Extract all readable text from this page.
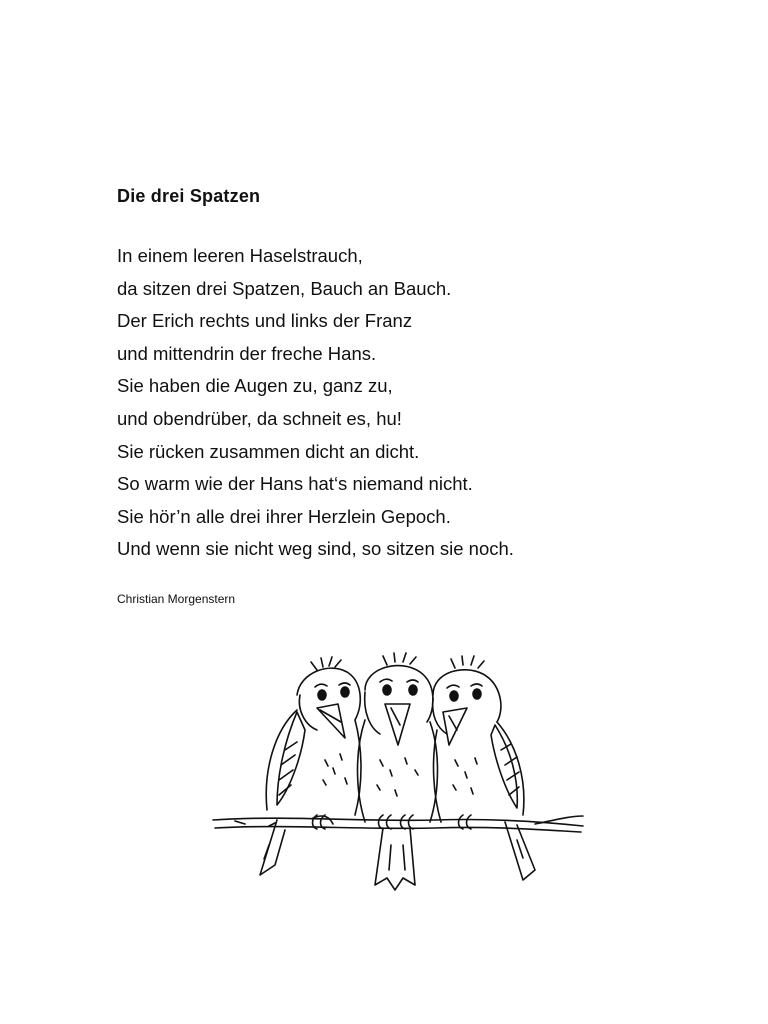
Die drei Spatzen
In einem leeren Haselstrauch,
da sitzen drei Spatzen, Bauch an Bauch.
Der Erich rechts und links der Franz
und mittendrin der freche Hans.
Sie haben die Augen zu, ganz zu,
und obendrüber, da schneit es, hu!
Sie rücken zusammen dicht an dicht.
So warm wie der Hans hat‘s niemand nicht.
Sie hör’n alle drei ihrer Herzlein Gepoch.
Und wenn sie nicht weg sind, so sitzen sie noch.

Christian Morgenstern
